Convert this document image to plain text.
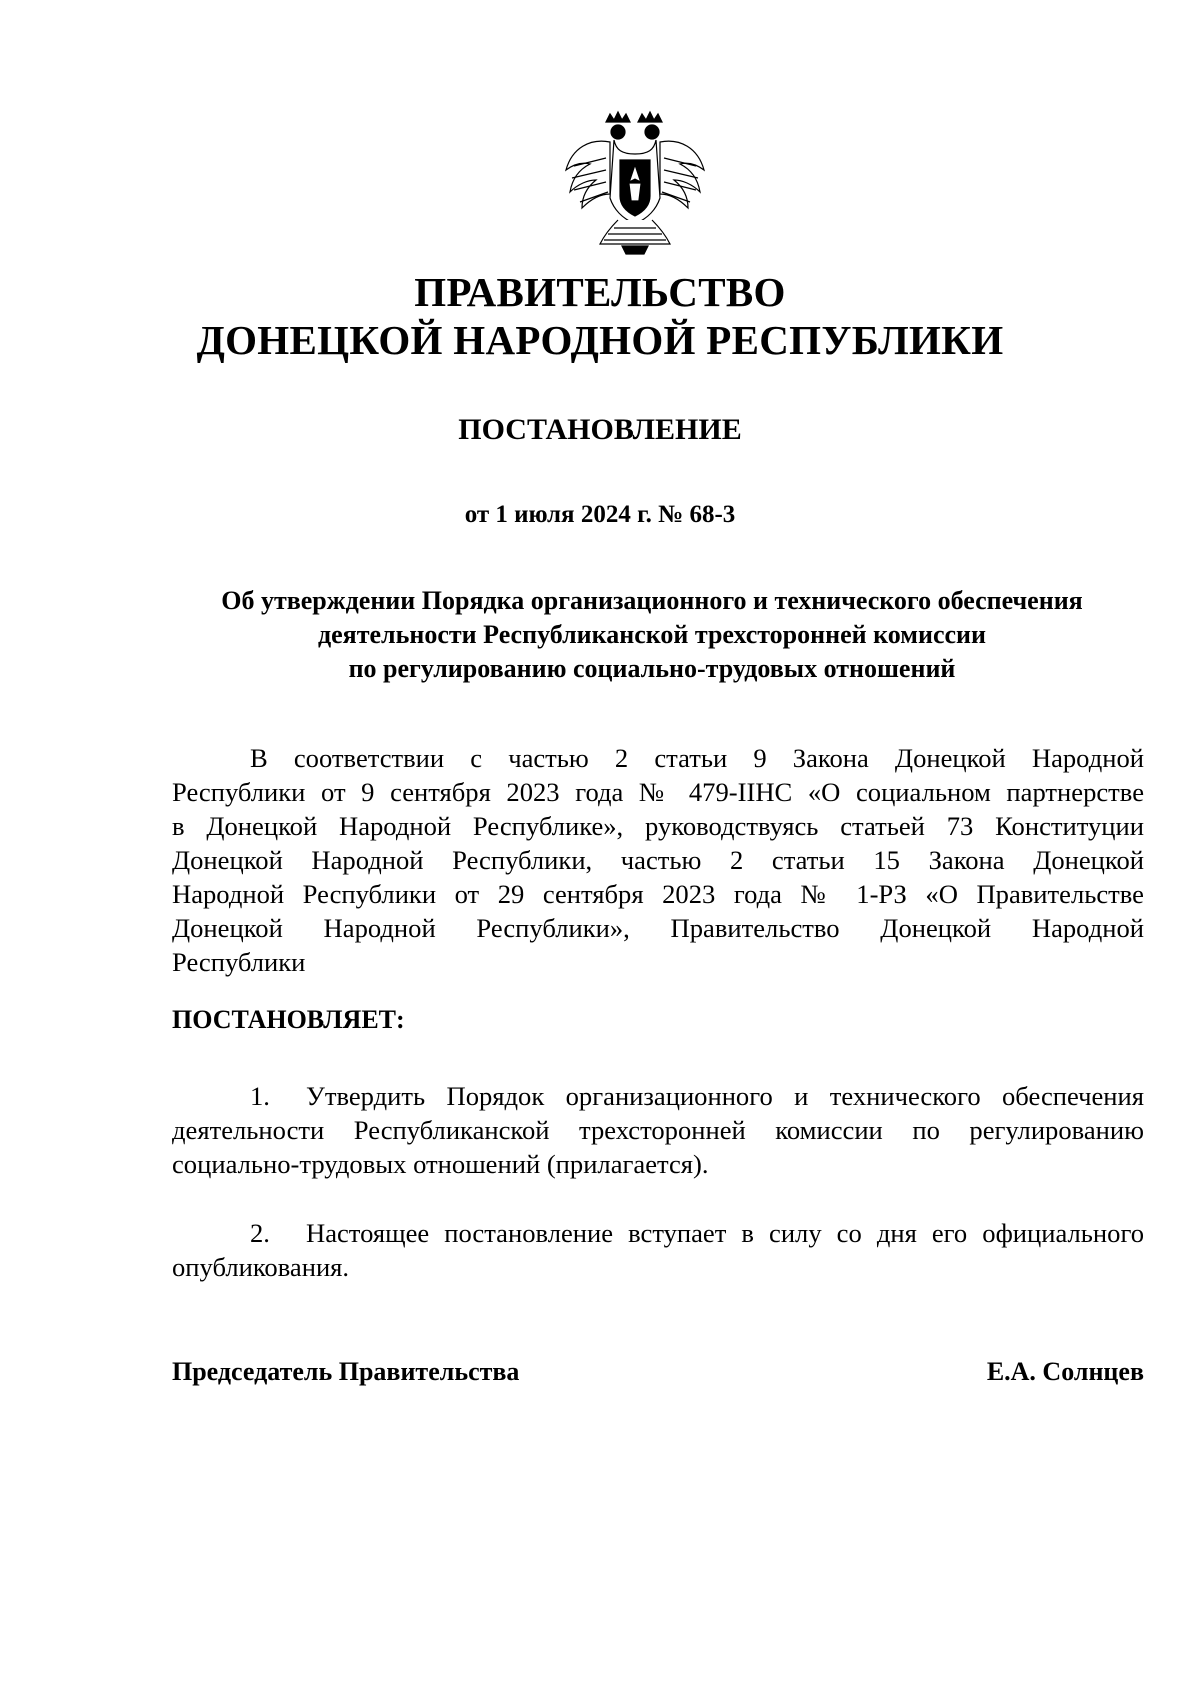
ПРАВИТЕЛЬСТВО
ДОНЕЦКОЙ НАРОДНОЙ РЕСПУБЛИКИ
ПОСТАНОВЛЕНИЕ
от 1 июля 2024 г. № 68-3
Об утверждении Порядка организационного и технического обеспечения
деятельности Республиканской трехсторонней комиссии
по регулированию социально-трудовых отношений
В соответствии с частью 2 статьи 9 Закона Донецкой Народной
Республики от 9 сентября 2023 года № 479-IIНС «О социальном партнерстве
в Донецкой Народной Республике», руководствуясь статьей 73 Конституции
Донецкой Народной Республики, частью 2 статьи 15 Закона Донецкой
Народной Республики от 29 сентября 2023 года № 1-РЗ «О Правительстве
Донецкой Народной Республики», Правительство Донецкой Народной
Республики
ПОСТАНОВЛЯЕТ:
1. Утвердить Порядок организационного и технического обеспечения
деятельности Республиканской трехсторонней комиссии по регулированию
социально-трудовых отношений (прилагается).
2. Настоящее постановление вступает в силу со дня его официального
опубликования.
Председатель Правительства	Е.А. Солнцев
